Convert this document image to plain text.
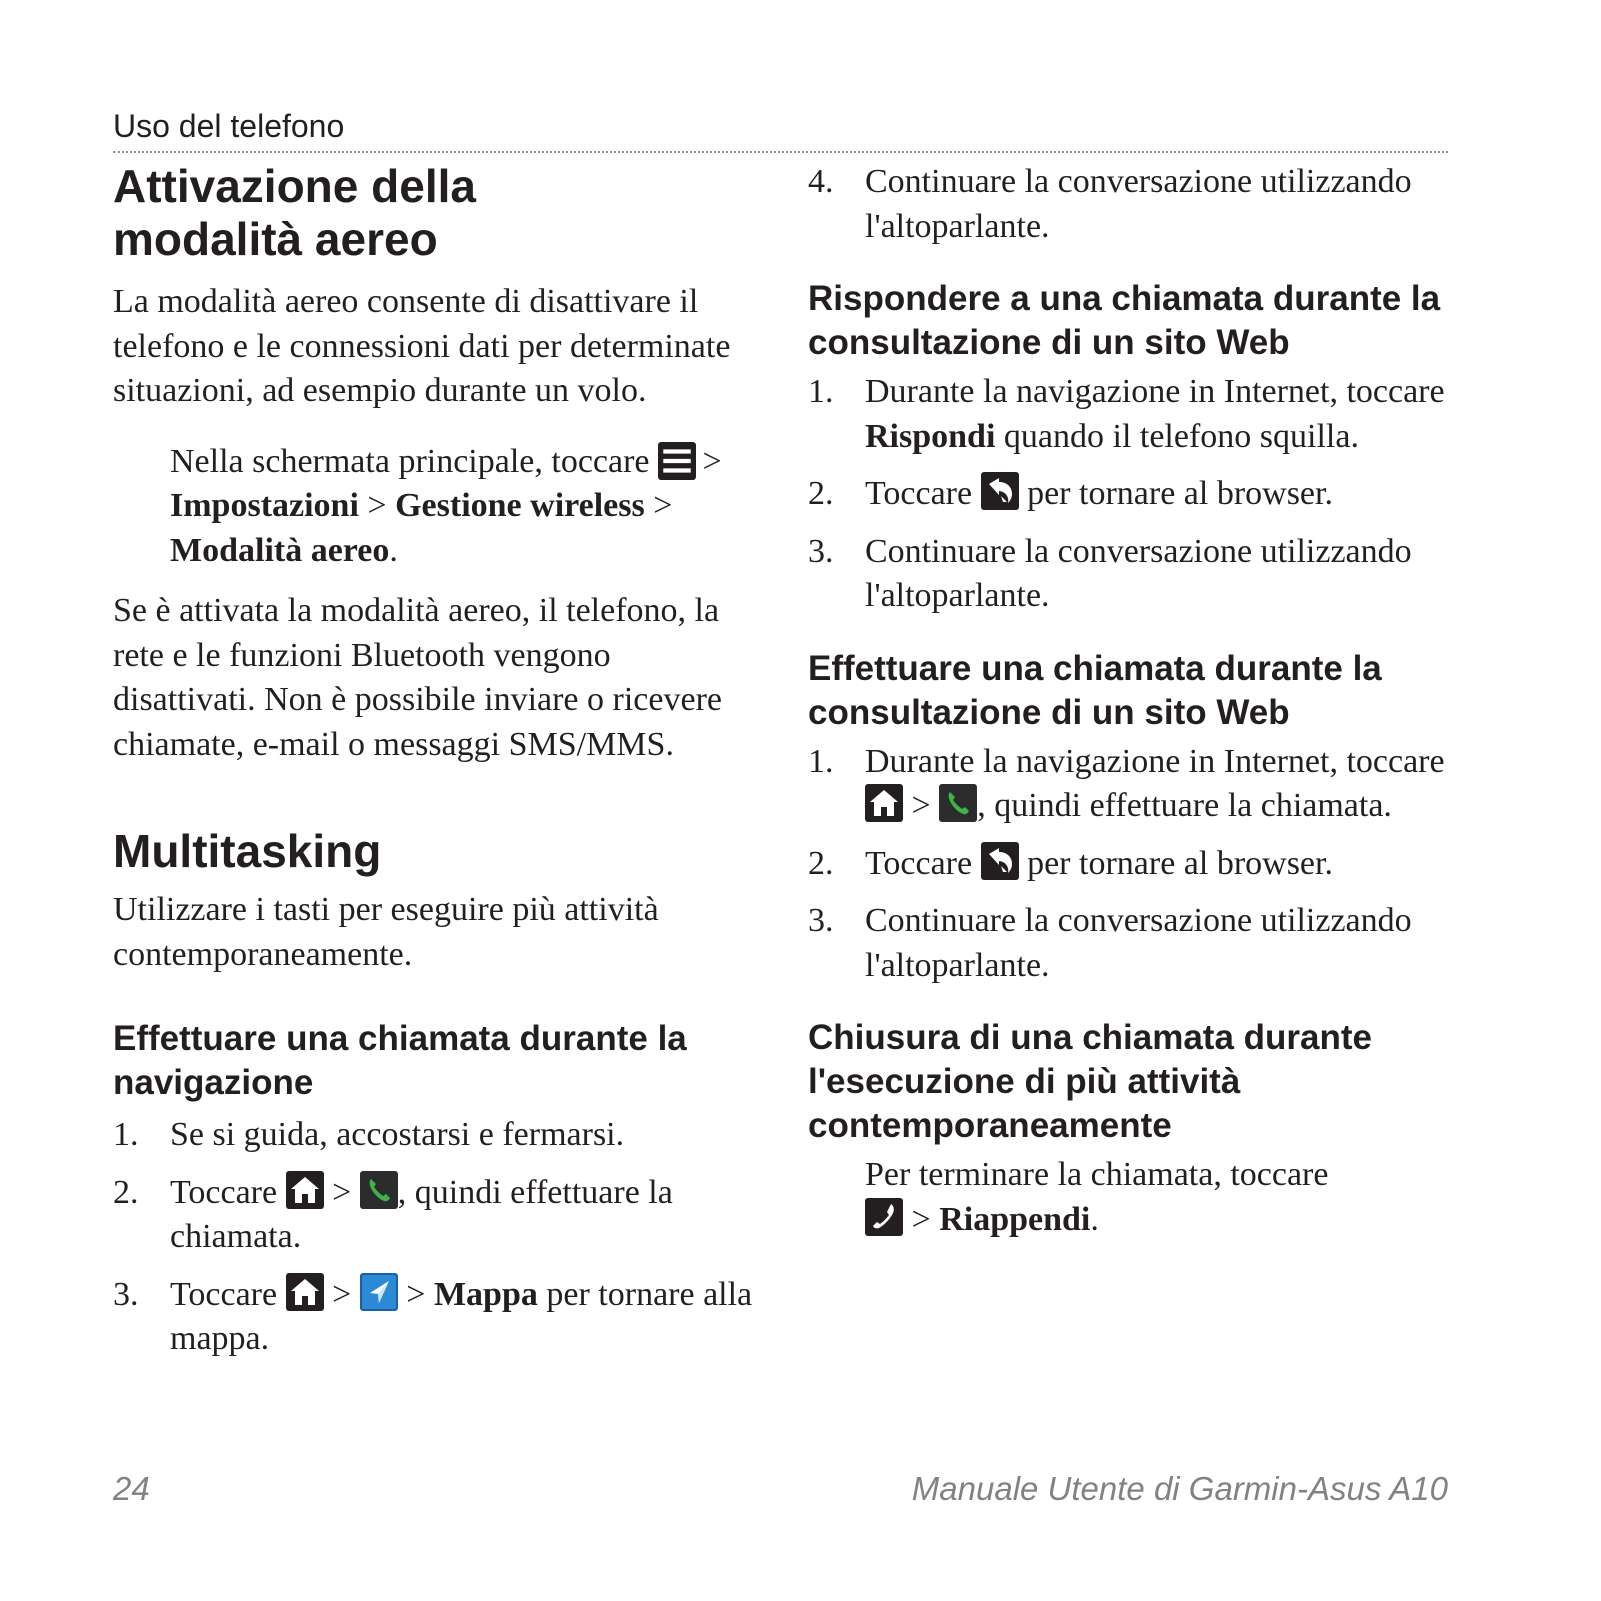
Uso del telefono
Attivazione della modalità aereo

La modalità aereo consente di disattivare il telefono e le connessioni dati per determinate situazioni, ad esempio durante un volo.

Nella schermata principale, toccare >
Impostazioni > Gestione wireless >
Modalità aereo.

Se è attivata la modalità aereo, il telefono, la rete e le funzioni Bluetooth vengono disattivati. Non è possibile inviare o ricevere chiamate, e-mail o messaggi SMS/MMS.

Multitasking

Utilizzare i tasti per eseguire più attività contemporaneamente.

Effettuare una chiamata durante la navigazione
1. Se si guida, accostarsi e fermarsi.
2. Toccare > , quindi effettuare la chiamata.
3. Toccare > > Mappa per tornare alla mappa.
4. Continuare la conversazione utilizzando l'altoparlante.
Rispondere a una chiamata durante la consultazione di un sito Web
1. Durante la navigazione in Internet, toccare Rispondi quando il telefono squilla.
2. Toccare per tornare al browser.
3. Continuare la conversazione utilizzando l'altoparlante.
Effettuare una chiamata durante la consultazione di un sito Web
1. Durante la navigazione in Internet, toccare

> , quindi effettuare la chiamata.
2. Toccare per tornare al browser.
3. Continuare la conversazione utilizzando l'altoparlante.
Chiusura di una chiamata durante l'esecuzione di più attività contemporaneamente

Per terminare la chiamata, toccare

> Riappendi.

24	Manuale Utente di Garmin-Asus A10
